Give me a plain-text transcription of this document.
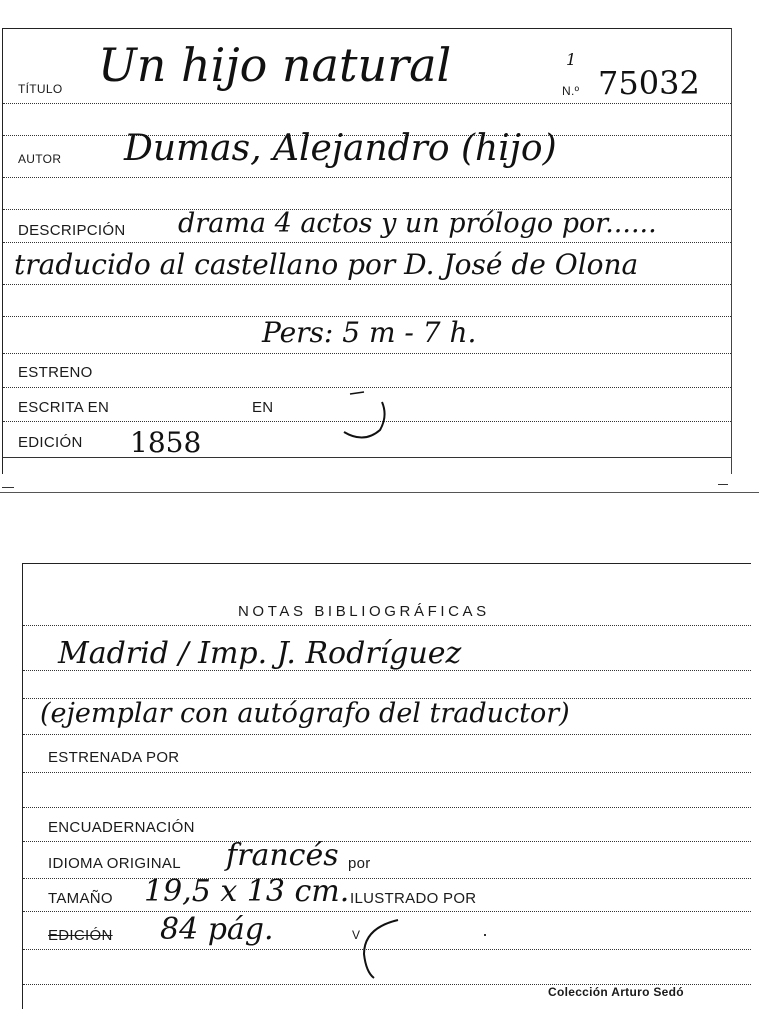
TÍTULO Un hijo natural	1
N.º 75032
AUTOR Dumas, Alejandro (hijo)
DESCRIPCIÓN drama 4 actos y un prólogo por......
traducido al castellano por D. José de Olona
Pers: 5 m - 7 h.
ESTRENO
ESCRITA EN	EN
EDICIÓN 1858
NOTAS BIBLIOGRÁFICAS
Madrid / Imp. J. Rodríguez
(ejemplar con autógrafo del traductor)
ESTRENADA POR
ENCUADERNACIÓN
IDIOMA ORIGINAL francés por
TAMAÑO 19,5 x 13 cm. ILUSTRADO POR
EDICIÓN 84 pág.	V
Colección Arturo Sedó
